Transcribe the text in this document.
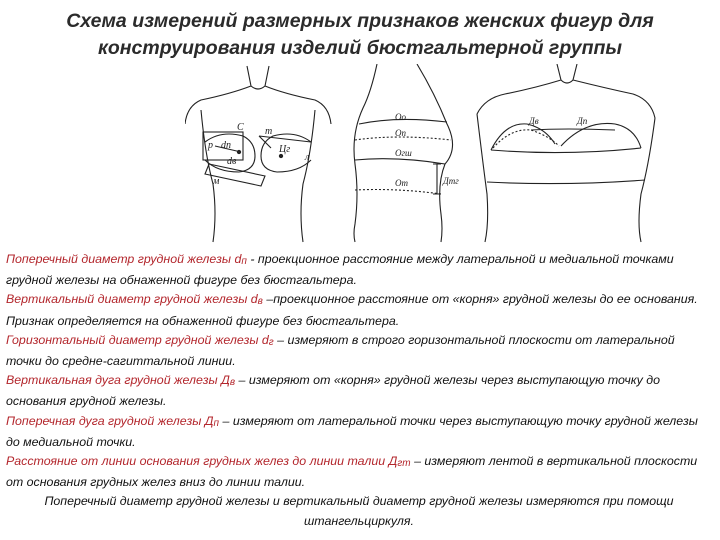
Схема измерений размерных признаков женских фигур для
конструирования изделий бюстгальтерной группы
С т
р dп
dв
Цг
л
м
Оо
Оп
Огш
От	Дтг
Дв	Дп

Поперечный диаметр грудной железы dп - проекционное расстояние между латеральной и медиальной точками грудной железы на обнаженной фигуре без бюстгальтера.

Вертикальный диаметр грудной железы dв –проекционное расстояние от «корня» грудной железы до ее основания. Признак определяется на обнаженной фигуре без бюстгальтера.

Горизонтальный диаметр грудной железы dг – измеряют в строго горизонтальной плоскости от латеральной точки до средне-сагиттальной линии.

Вертикальная дуга грудной железы Дв – измеряют от «корня» грудной железы через выступающую точку до основания грудной железы.

Поперечная дуга грудной железы Дп – измеряют от латеральной точки через выступающую точку грудной железы до медиальной точки.

Расстояние от линии основания грудных желез до линии талии Дгт – измеряют лентой в вертикальной плоскости от основания грудных желез вниз до линии талии.

Поперечный диаметр грудной железы и вертикальный диаметр грудной железы измеряются при помощи штангельциркуля.
